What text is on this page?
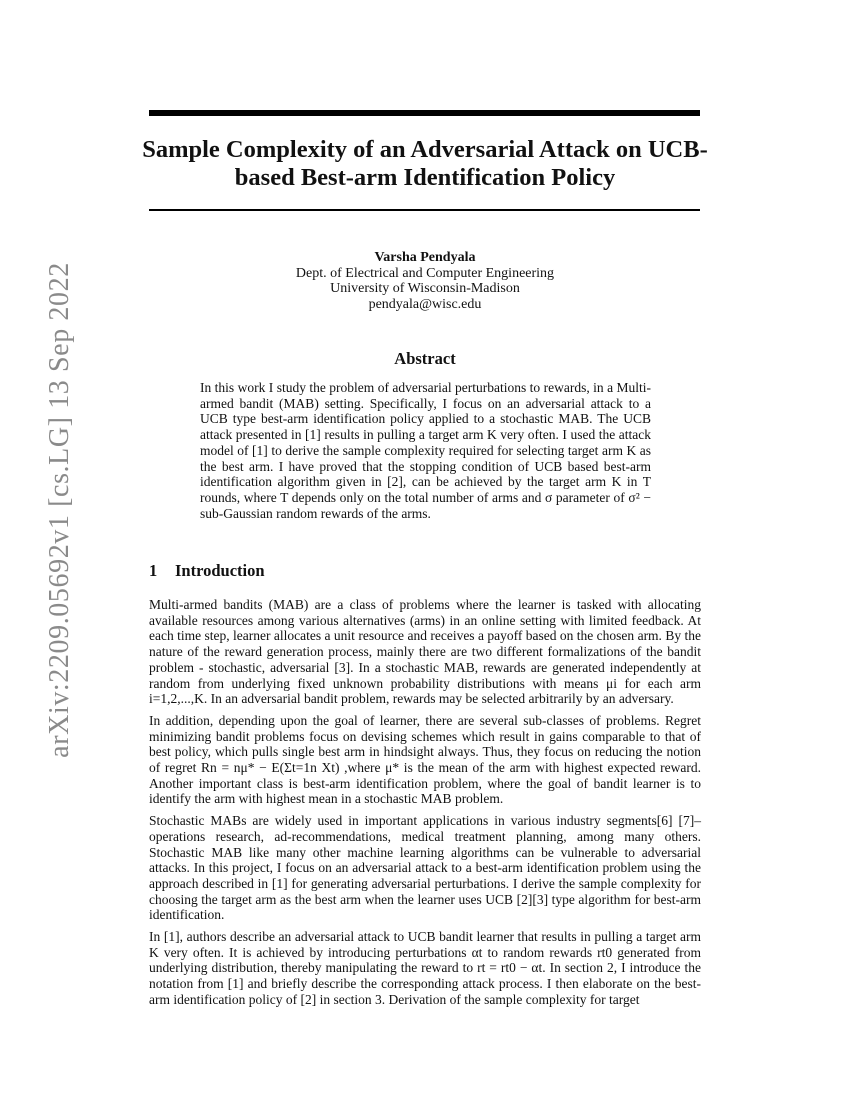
Sample Complexity of an Adversarial Attack on UCB-based Best-arm Identification Policy
arXiv:2209.05692v1 [cs.LG] 13 Sep 2022
Varsha Pendyala
Dept. of Electrical and Computer Engineering
University of Wisconsin-Madison
pendyala@wisc.edu
Abstract
In this work I study the problem of adversarial perturbations to rewards, in a Multi-armed bandit (MAB) setting. Specifically, I focus on an adversarial attack to a UCB type best-arm identification policy applied to a stochastic MAB. The UCB attack presented in [1] results in pulling a target arm K very often. I used the attack model of [1] to derive the sample complexity required for selecting target arm K as the best arm. I have proved that the stopping condition of UCB based best-arm identification algorithm given in [2], can be achieved by the target arm K in T rounds, where T depends only on the total number of arms and σ parameter of σ² − sub-Gaussian random rewards of the arms.
1 Introduction

Multi-armed bandits (MAB) are a class of problems where the learner is tasked with allocating available resources among various alternatives (arms) in an online setting with limited feedback. At each time step, learner allocates a unit resource and receives a payoff based on the chosen arm. By the nature of the reward generation process, mainly there are two different formalizations of the bandit problem - stochastic, adversarial [3]. In a stochastic MAB, rewards are generated independently at random from underlying fixed unknown probability distributions with means μi for each arm i=1,2,...,K. In an adversarial bandit problem, rewards may be selected arbitrarily by an adversary.

In addition, depending upon the goal of learner, there are several sub-classes of problems. Regret minimizing bandit problems focus on devising schemes which result in gains comparable to that of best policy, which pulls single best arm in hindsight always. Thus, they focus on reducing the notion of regret Rn = nμ* − E(Σt=1n Xt) ,where μ* is the mean of the arm with highest expected reward. Another important class is best-arm identification problem, where the goal of bandit learner is to identify the arm with highest mean in a stochastic MAB problem.

Stochastic MABs are widely used in important applications in various industry segments[6] [7]– operations research, ad-recommendations, medical treatment planning, among many others. Stochastic MAB like many other machine learning algorithms can be vulnerable to adversarial attacks. In this project, I focus on an adversarial attack to a best-arm identification problem using the approach described in [1] for generating adversarial perturbations. I derive the sample complexity for choosing the target arm as the best arm when the learner uses UCB [2][3] type algorithm for best-arm identification.

In [1], authors describe an adversarial attack to UCB bandit learner that results in pulling a target arm K very often. It is achieved by introducing perturbations αt to random rewards rt0 generated from underlying distribution, thereby manipulating the reward to rt = rt0 − αt. In section 2, I introduce the notation from [1] and briefly describe the corresponding attack process. I then elaborate on the best-arm identification policy of [2] in section 3. Derivation of the sample complexity for target
